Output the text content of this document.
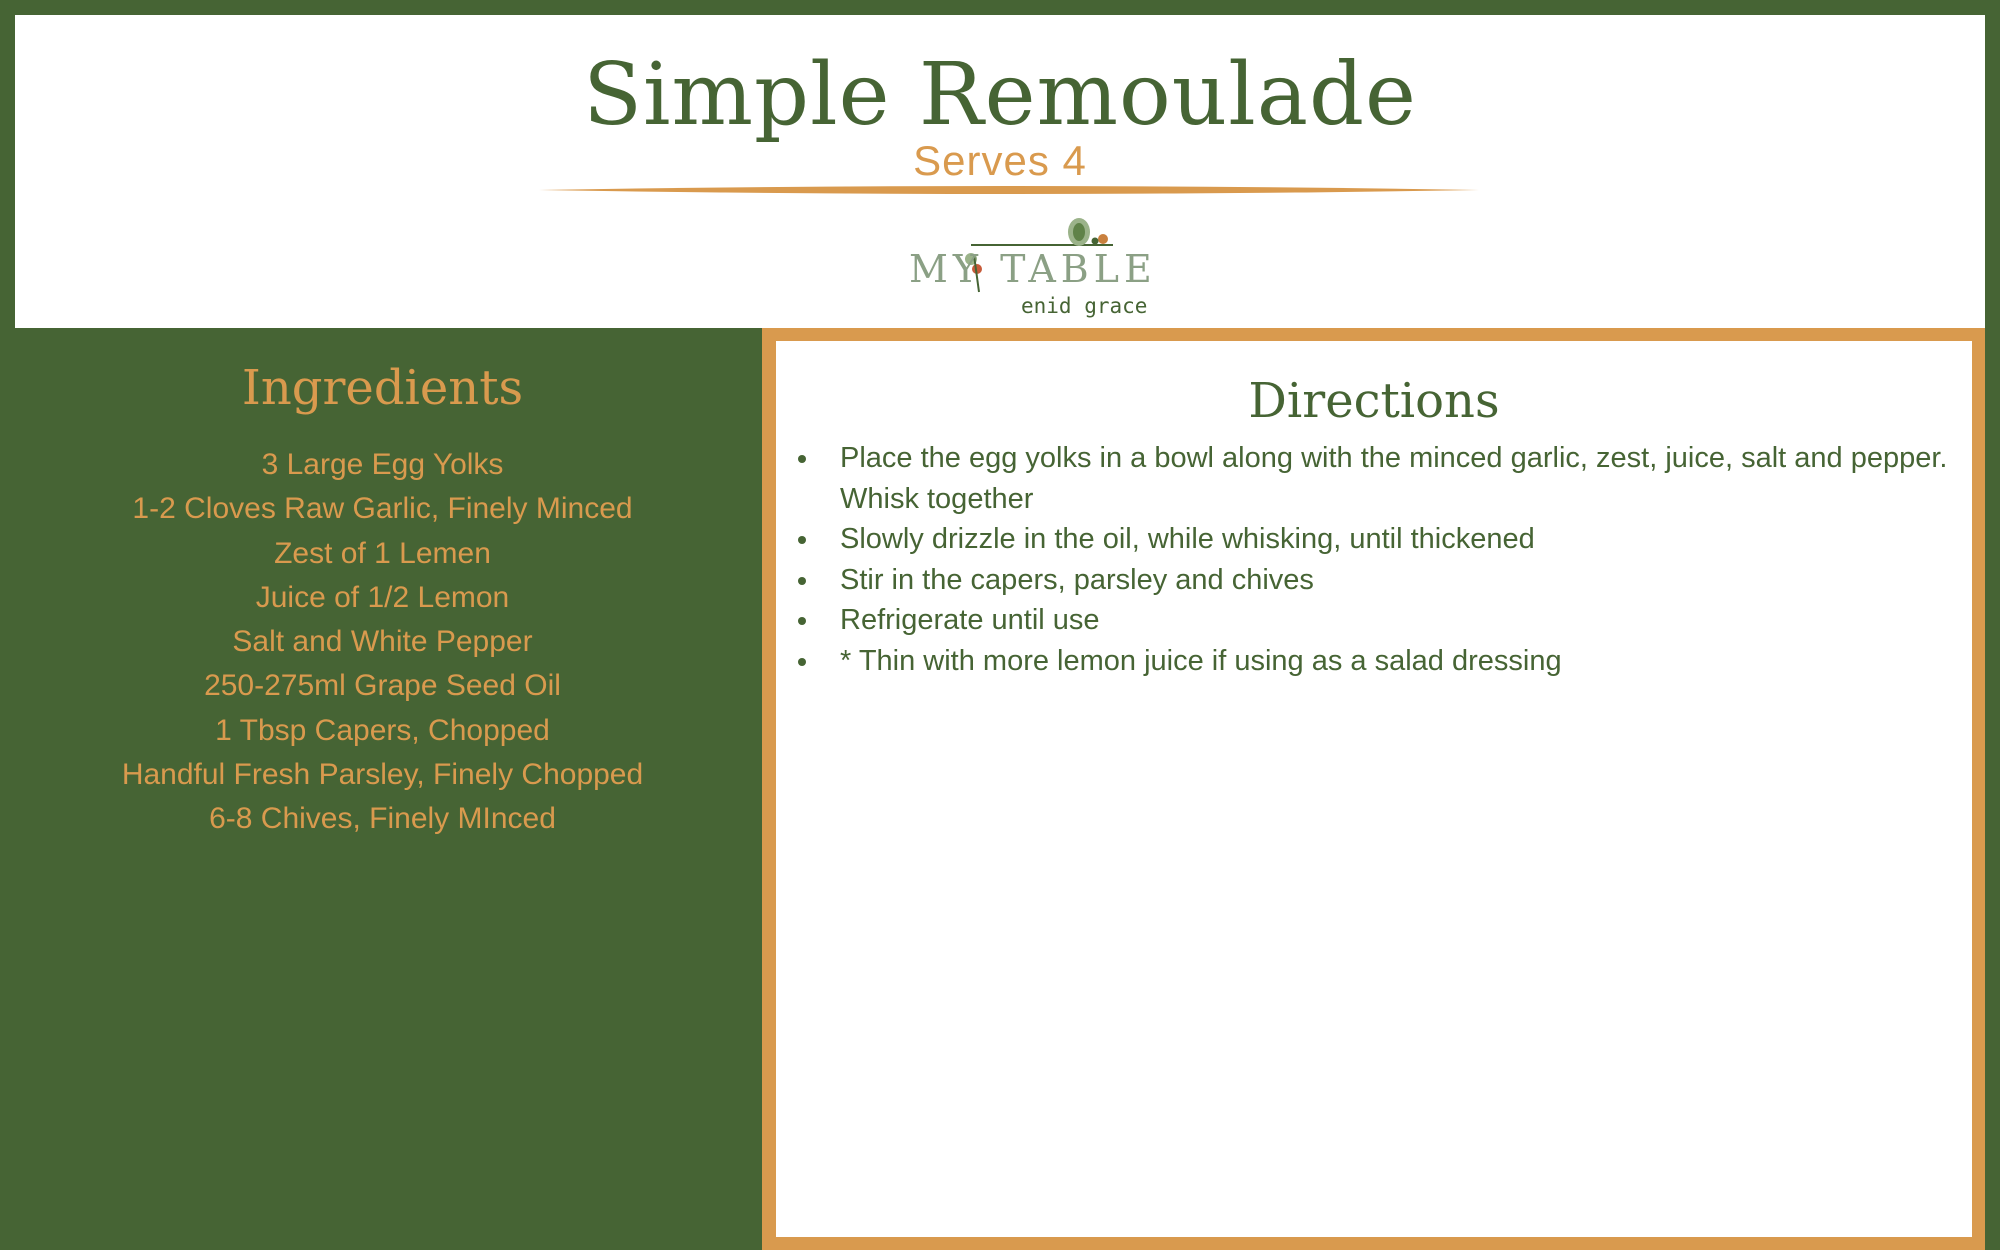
Simple Remoulade
Serves 4
MY TABLE
enid grace
Ingredients
3 Large Egg Yolks
1-2 Cloves Raw Garlic, Finely Minced
Zest of 1 Lemen
Juice of 1/2 Lemon
Salt and White Pepper
250-275ml Grape Seed Oil
1 Tbsp Capers, Chopped
Handful Fresh Parsley, Finely Chopped
6-8 Chives, Finely MInced
Directions
Place the egg yolks in a bowl along with the minced garlic, zest, juice, salt and pepper. Whisk together
Slowly drizzle in the oil, while whisking, until thickened
Stir in the capers, parsley and chives
Refrigerate until use
* Thin with more lemon juice if using as a salad dressing
